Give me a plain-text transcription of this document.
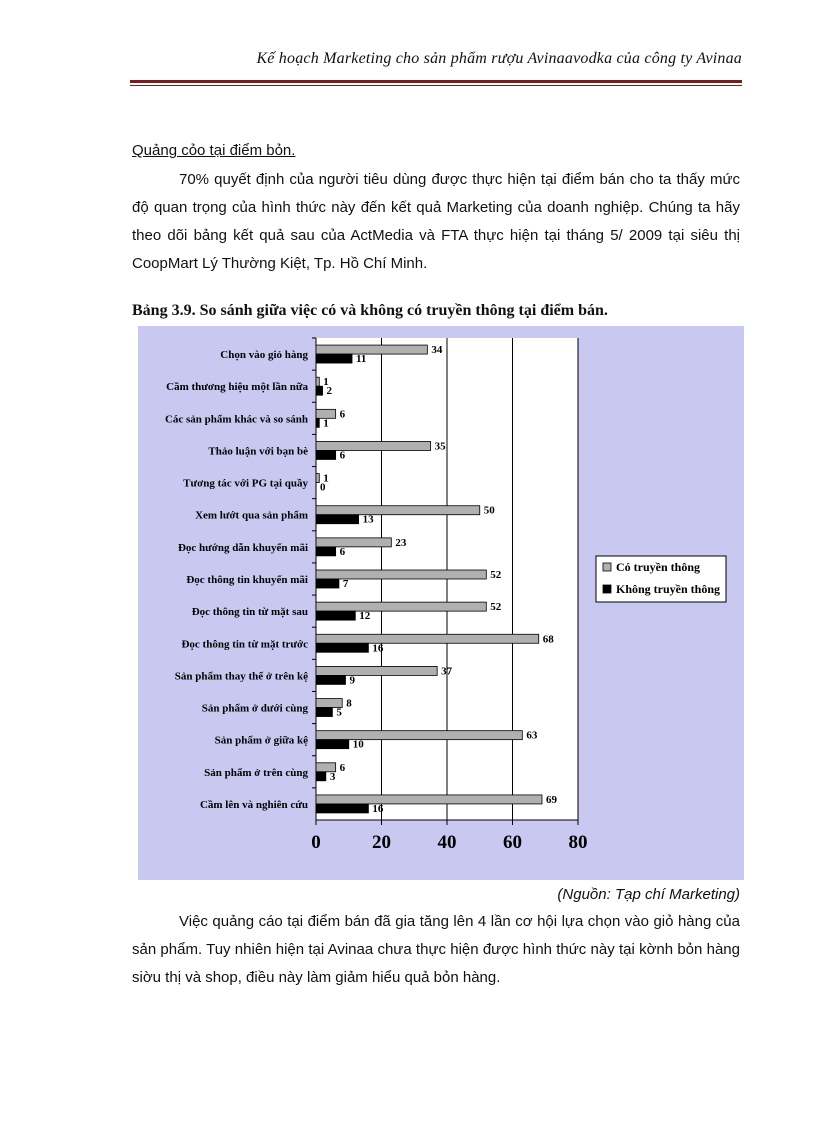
Kế hoạch Marketing cho sản phẩm rượu Avinaavodka của công ty Avinaa
Quảng cỏo tại điểm bỏn.

70% quyết định của người tiêu dùng được thực hiện tại điểm bán cho ta thấy mức độ quan trọng của hình thức này đến kết quả Marketing của doanh nghiệp. Chúng ta hãy theo dõi bảng kết quả sau của ActMedia và FTA thực hiện tại tháng 5/ 2009 tại siêu thị CoopMart Lý Thường Kiệt, Tp. Hồ Chí Minh.

Bảng 3.9. So sánh giữa việc có và không có truyền thông tại điểm bán.
Chọn vào giỏ hàng
Cầm thương hiệu một lần nữa
Các sản phẩm khác và so sánh
Thảo luận với bạn bè
Tương tác với PG tại quầy
Xem lướt qua sản phẩm
Đọc hướng dẫn khuyến mãi
Đọc thông tin khuyến mãi
Đọc thông tin từ mặt sau
Đọc thông tin từ mặt trước
Sản phẩm thay thế ở trên kệ
Sản phẩm ở dưới cùng
Sản phẩm ở giữa kệ
Sản phẩm ở trên cùng
Cầm lên và nghiên cứu
34
11
1
2
6
1
35
6
1
0
50
13
23
6
52
7
52
12
68
16
37
9
8
5
63
10
6
3
69
16
0	20 40 60 80
Có truyền thông
Không truyền thông
(Nguồn: Tạp chí Marketing)

Việc quảng cáo tại điểm bán đã gia tăng lên 4 lần cơ hội lựa chọn vào giỏ hàng của sản phẩm. Tuy nhiên hiện tại Avinaa chưa thực hiện được hình thức này tại kờnh bỏn hàng siờu thị và shop, điều này làm giảm hiểu quả bỏn hàng.
